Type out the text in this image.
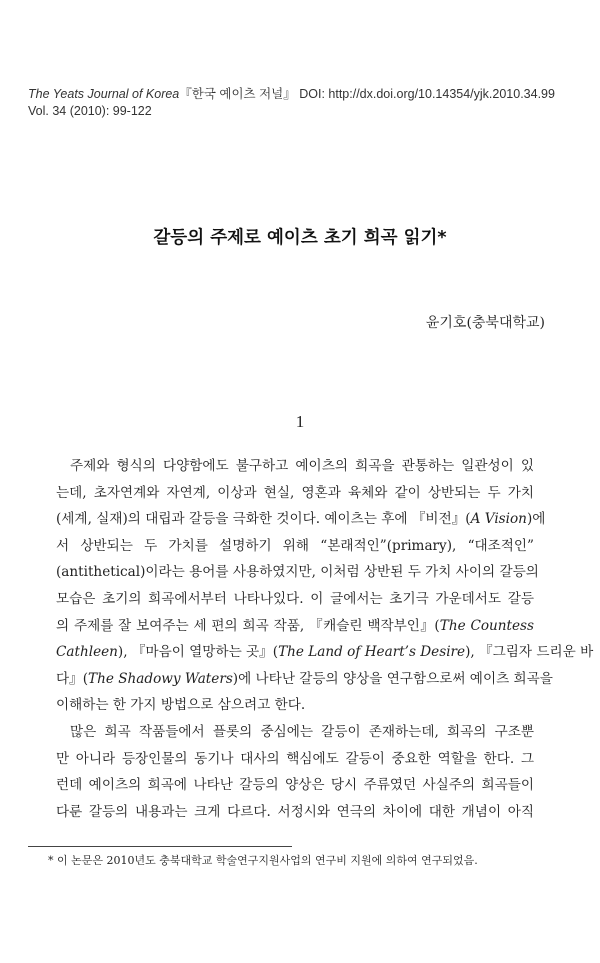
The Yeats Journal of Korea『한국 예이츠 저널』 DOI: http://dx.doi.org/10.14354/yjk.2010.34.99
Vol. 34 (2010): 99-122
갈등의 주제로 예이츠 초기 희곡 읽기*
윤기호(충북대학교)
1
주제와 형식의 다양함에도 불구하고 예이츠의 희곡을 관통하는 일관성이 있
는데, 초자연계와 자연계, 이상과 현실, 영혼과 육체와 같이 상반되는 두 가치
(세계, 실재)의 대립과 갈등을 극화한 것이다. 예이츠는 후에 『비전』(A Vision)에
서 상반되는 두 가치를 설명하기 위해 “본래적인”(primary), “대조적인”
(antithetical)이라는 용어를 사용하였지만, 이처럼 상반된 두 가치 사이의 갈등의
모습은 초기의 희곡에서부터 나타나있다. 이 글에서는 초기극 가운데서도 갈등
의 주제를 잘 보여주는 세 편의 희곡 작품, 『캐슬린 백작부인』(The Countess
Cathleen), 『마음이 열망하는 곳』(The Land of Heart’s Desire), 『그림자 드리운 바
다』(The Shadowy Waters)에 나타난 갈등의 양상을 연구함으로써 예이츠 희곡을
이해하는 한 가지 방법으로 삼으려고 한다.
많은 희곡 작품들에서 플롯의 중심에는 갈등이 존재하는데, 희곡의 구조뿐
만 아니라 등장인물의 동기나 대사의 핵심에도 갈등이 중요한 역할을 한다. 그
런데 예이츠의 희곡에 나타난 갈등의 양상은 당시 주류였던 사실주의 희곡들이
다룬 갈등의 내용과는 크게 다르다. 서정시와 연극의 차이에 대한 개념이 아직
* 이 논문은 2010년도 충북대학교 학술연구지원사업의 연구비 지원에 의하여 연구되었음.
